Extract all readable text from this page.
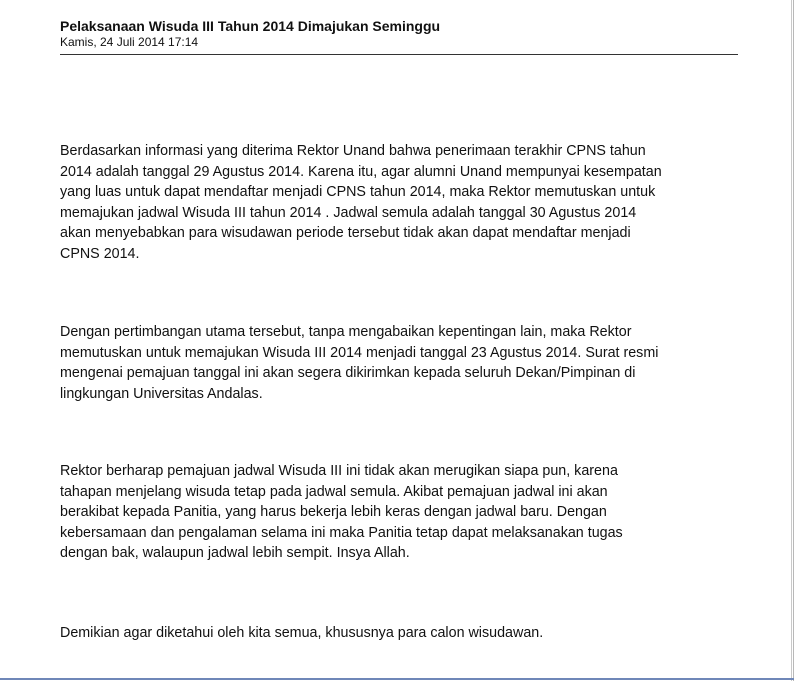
Pelaksanaan Wisuda III Tahun 2014 Dimajukan Seminggu
Kamis, 24 Juli 2014 17:14

Berdasarkan informasi yang diterima Rektor Unand bahwa penerimaan terakhir CPNS tahun
2014 adalah tanggal 29 Agustus 2014. Karena itu, agar alumni Unand mempunyai kesempatan
yang luas untuk dapat mendaftar menjadi CPNS tahun 2014, maka Rektor memutuskan untuk
memajukan jadwal Wisuda III tahun 2014 . Jadwal semula adalah tanggal 30 Agustus 2014
akan menyebabkan para wisudawan periode tersebut tidak akan dapat mendaftar menjadi
CPNS 2014.

Dengan pertimbangan utama tersebut, tanpa mengabaikan kepentingan lain, maka Rektor
memutuskan untuk memajukan Wisuda III 2014 menjadi tanggal 23 Agustus 2014. Surat resmi
mengenai pemajuan tanggal ini akan segera dikirimkan kepada seluruh Dekan/Pimpinan di
lingkungan Universitas Andalas.

Rektor berharap pemajuan jadwal Wisuda III ini tidak akan merugikan siapa pun, karena
tahapan menjelang wisuda tetap pada jadwal semula. Akibat pemajuan jadwal ini akan
berakibat kepada Panitia, yang harus bekerja lebih keras dengan jadwal baru. Dengan
kebersamaan dan pengalaman selama ini maka Panitia tetap dapat melaksanakan tugas
dengan bak, walaupun jadwal lebih sempit. Insya Allah.

Demikian agar diketahui oleh kita semua, khususnya para calon wisudawan.
